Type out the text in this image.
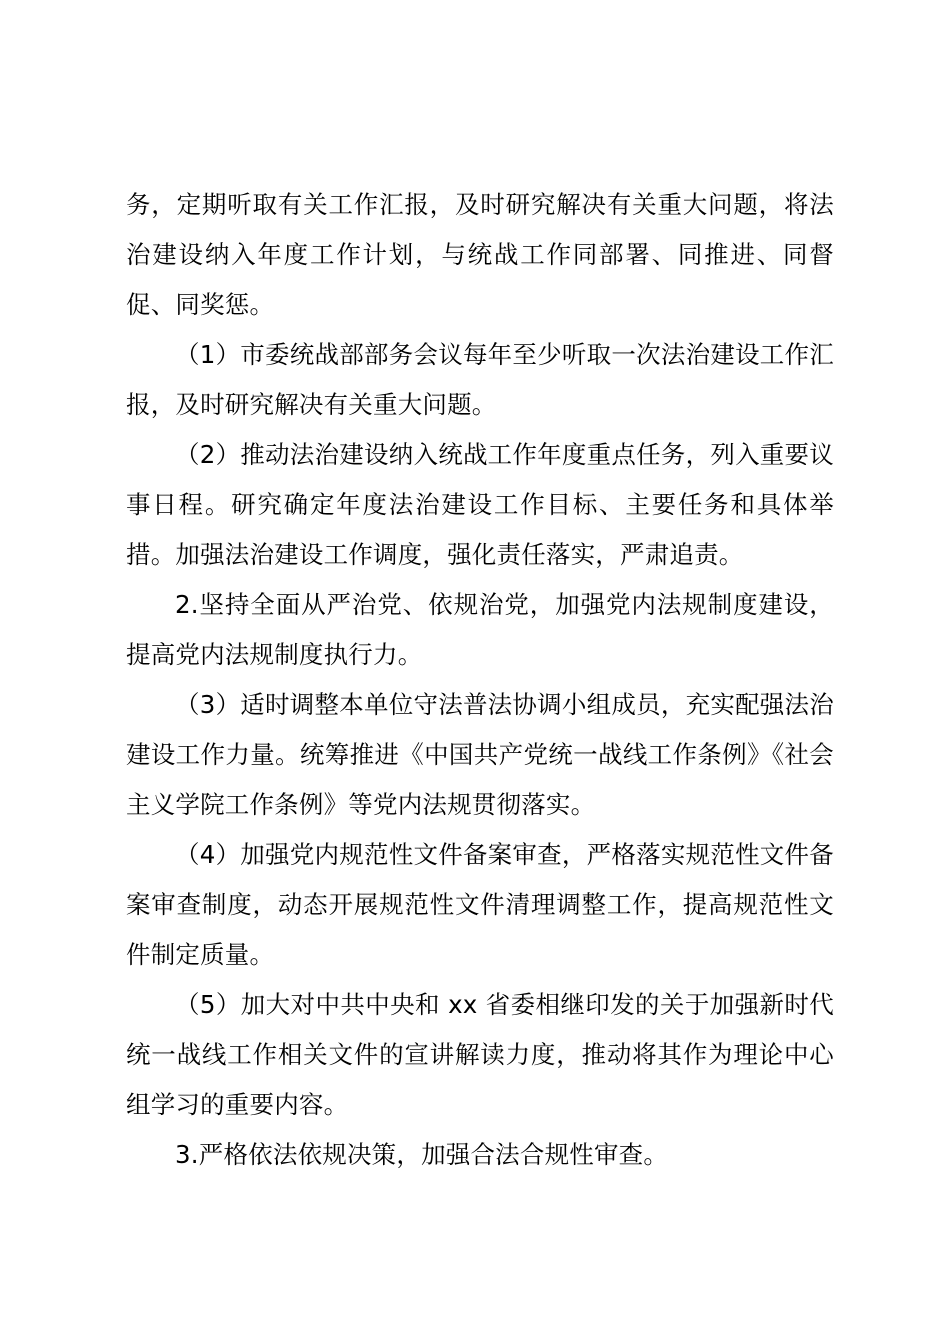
务，定期听取有关工作汇报，及时研究解决有关重大问题，将法治建设纳入年度工作计划，与统战工作同部署、同推进、同督促、同奖惩。

（1）市委统战部部务会议每年至少听取一次法治建设工作汇报，及时研究解决有关重大问题。

（2）推动法治建设纳入统战工作年度重点任务，列入重要议事日程。研究确定年度法治建设工作目标、主要任务和具体举措。加强法治建设工作调度，强化责任落实，严肃追责。

2.坚持全面从严治党、依规治党，加强党内法规制度建设，提高党内法规制度执行力。

（3）适时调整本单位守法普法协调小组成员，充实配强法治建设工作力量。统筹推进《中国共产党统一战线工作条例》《社会主义学院工作条例》等党内法规贯彻落实。

（4）加强党内规范性文件备案审查，严格落实规范性文件备案审查制度，动态开展规范性文件清理调整工作，提高规范性文件制定质量。

（5）加大对中共中央和 xx 省委相继印发的关于加强新时代统一战线工作相关文件的宣讲解读力度，推动将其作为理论中心组学习的重要内容。

3.严格依法依规决策，加强合法合规性审查。
